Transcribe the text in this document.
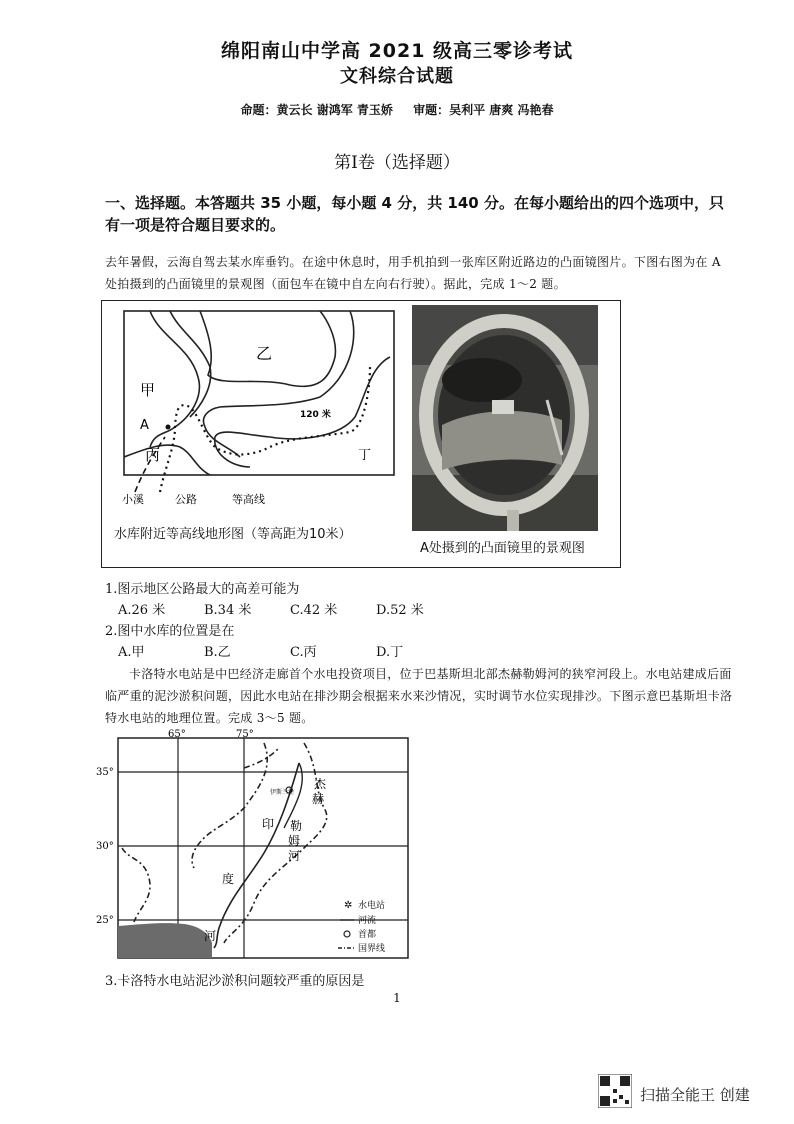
绵阳南山中学高 2021 级高三零诊考试
文科综合试题
命题：黄云长 谢鸿军 青玉娇 审题：吴利平 唐爽 冯艳春
第Ⅰ卷（选择题）
一、选择题。本答题共 35 小题，每小题 4 分，共 140 分。在每小题给出的四个选项中，只有一项是符合题目要求的。
去年暑假，云海自驾去某水库垂钓。在途中休息时，用手机拍到一张库区附近路边的凸面镜图片。下图右图为在 A 处拍摄到的凸面镜里的景观图（面包车在镜中自左向右行驶）。据此，完成 1～2 题。
乙
甲
A
丙	丁
120 米
小溪	公路	等高线
水库附近等高线地形图（等高距为10米）
A处摄到的凸面镜里的景观图
1.图示地区公路最大的高差可能为
A.26 米	B.34 米	C.42 米	D.52 米
2.图中水库的位置是在
A.甲	B.乙	C.丙	D.丁
卡洛特水电站是中巴经济走廊首个水电投资项目，位于巴基斯坦北部杰赫勒姆河的狭窄河段上。水电站建成后面临严重的泥沙淤积问题，因此水电站在排沙期会根据来水来沙情况，实时调节水位实现排沙。下图示意巴基斯坦卡洛特水电站的地理位置。完成 3～5 题。
杰
赫
勒
姆
河
印
度
河
伊斯兰堡
65°	75°
35°
30°
25°
✲ 水电站
河流
首都
国界线
3.卡洛特水电站泥沙淤积问题较严重的原因是
1
扫描全能王 创建
